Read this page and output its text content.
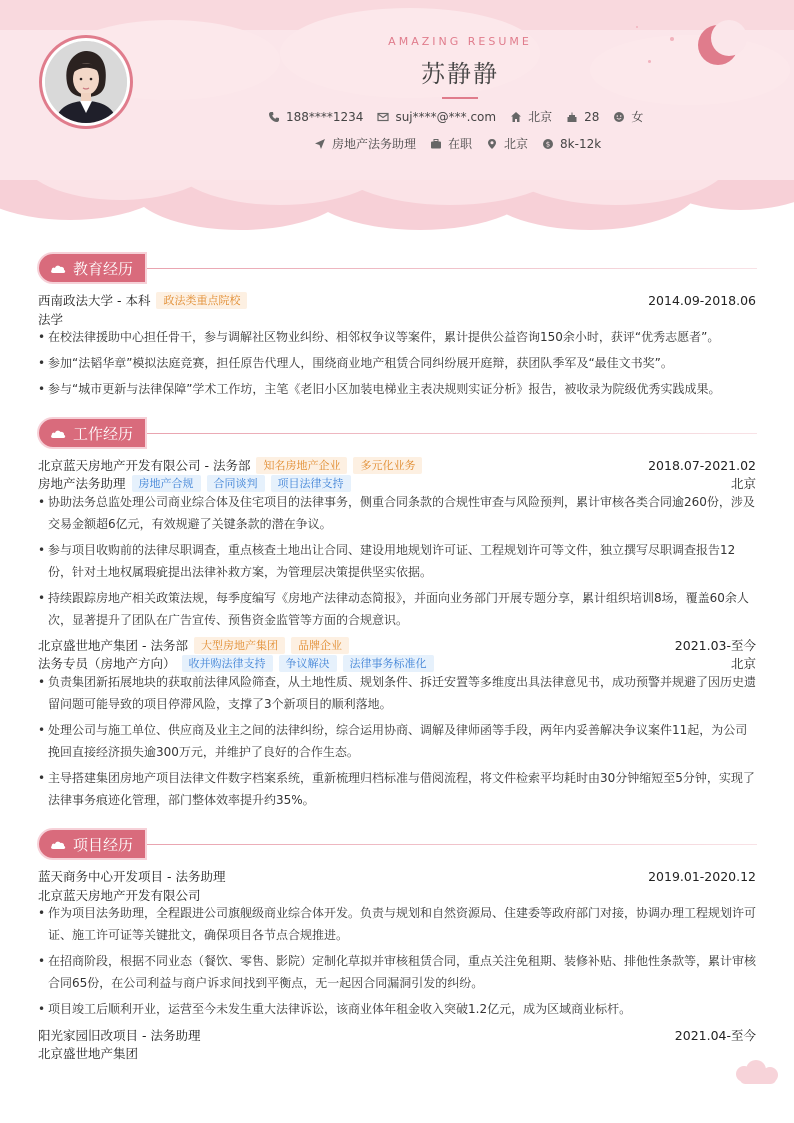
AMAZING RESUME
苏静静
188****1234	suj****@***.com	北京	28	女
房地产法务助理	在职	北京	$ 8k-12k
教育经历
西南政法大学 - 本科	政法类重点院校	2014.09-2018.06
法学
• 在校法律援助中心担任骨干，参与调解社区物业纠纷、相邻权争议等案件，累计提供公益咨询150余小时，获评“优秀志愿者”。
• 参加“法韬华章”模拟法庭竞赛，担任原告代理人，围绕商业地产租赁合同纠纷展开庭辩，获团队季军及“最佳文书奖”。
• 参与“城市更新与法律保障”学术工作坊，主笔《老旧小区加装电梯业主表决规则实证分析》报告，被收录为院级优秀实践成果。
工作经历
北京蓝天房地产开发有限公司 - 法务部	知名房地产企业	多元化业务	2018.07-2021.02
房地产法务助理	房地产合规	合同谈判	项目法律支持	北京
• 协助法务总监处理公司商业综合体及住宅项目的法律事务，侧重合同条款的合规性审查与风险预判，累计审核各类合同逾260份，涉及交易金额超6亿元，有效规避了关键条款的潜在争议。
• 参与项目收购前的法律尽职调查，重点核查土地出让合同、建设用地规划许可证、工程规划许可等文件，独立撰写尽职调查报告12份，针对土地权属瑕疵提出法律补救方案，为管理层决策提供坚实依据。
• 持续跟踪房地产相关政策法规，每季度编写《房地产法律动态简报》，并面向业务部门开展专题分享，累计组织培训8场，覆盖60余人次，显著提升了团队在广告宣传、预售资金监管等方面的合规意识。
北京盛世地产集团 - 法务部	大型房地产集团	品牌企业	2021.03-至今
法务专员（房地产方向）	收并购法律支持	争议解决	法律事务标准化	北京
• 负责集团新拓展地块的获取前法律风险筛查，从土地性质、规划条件、拆迁安置等多维度出具法律意见书，成功预警并规避了因历史遗留问题可能导致的项目停滞风险，支撑了3个新项目的顺利落地。
• 处理公司与施工单位、供应商及业主之间的法律纠纷，综合运用协商、调解及律师函等手段，两年内妥善解决争议案件11起，为公司挽回直接经济损失逾300万元，并维护了良好的合作生态。
• 主导搭建集团房地产项目法律文件数字档案系统，重新梳理归档标准与借阅流程，将文件检索平均耗时由30分钟缩短至5分钟，实现了法律事务痕迹化管理，部门整体效率提升约35%。
项目经历
蓝天商务中心开发项目 - 法务助理	2019.01-2020.12
北京蓝天房地产开发有限公司
• 作为项目法务助理，全程跟进公司旗舰级商业综合体开发。负责与规划和自然资源局、住建委等政府部门对接，协调办理工程规划许可证、施工许可证等关键批文，确保项目各节点合规推进。
• 在招商阶段，根据不同业态（餐饮、零售、影院）定制化草拟并审核租赁合同，重点关注免租期、装修补贴、排他性条款等，累计审核合同65份，在公司利益与商户诉求间找到平衡点，无一起因合同漏洞引发的纠纷。
• 项目竣工后顺利开业，运营至今未发生重大法律诉讼，该商业体年租金收入突破1.2亿元，成为区域商业标杆。
阳光家园旧改项目 - 法务助理	2021.04-至今
北京盛世地产集团
